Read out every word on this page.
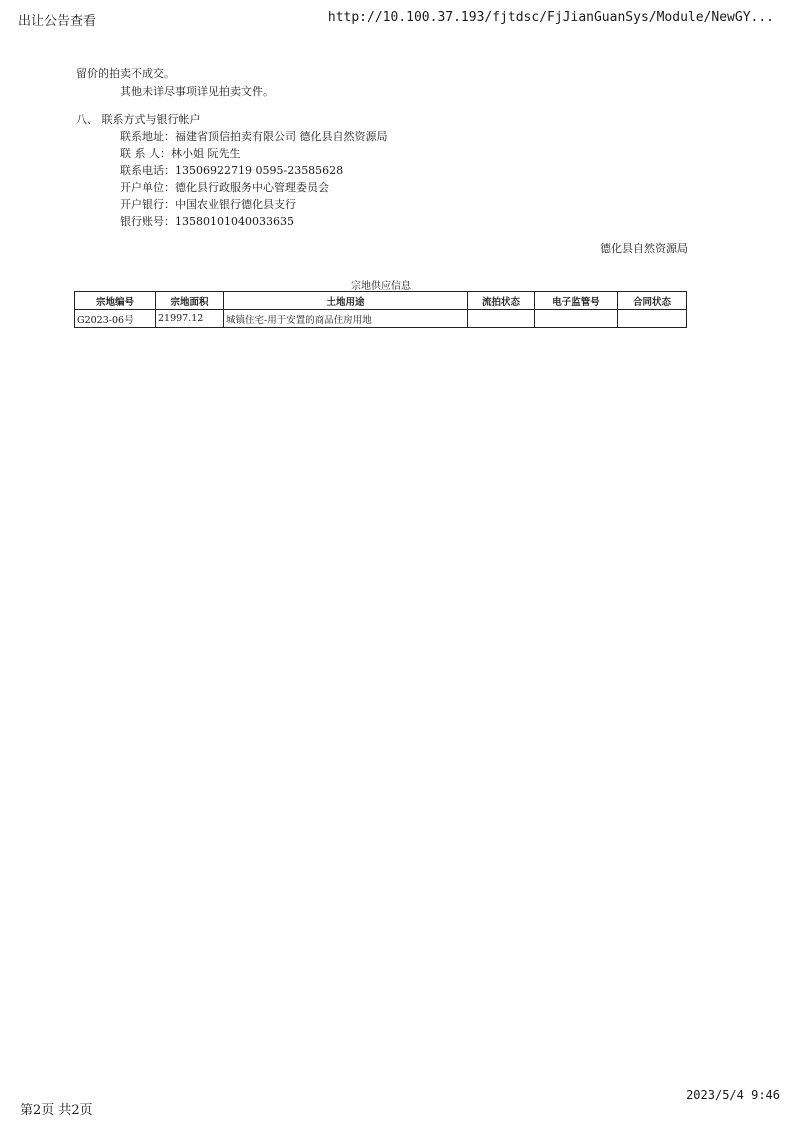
出让公告查看	http://10.100.37.193/fjtdsc/FjJianGuanSys/Module/NewGY...
留价的拍卖不成交。
其他未详尽事项详见拍卖文件。
八、 联系方式与银行帐户
联系地址：福建省顶信拍卖有限公司 德化县自然资源局
联 系 人：林小姐 阮先生
联系电话：13506922719 0595-23585628
开户单位：德化县行政服务中心管理委员会
开户银行：中国农业银行德化县支行
银行账号：13580101040033635
德化县自然资源局
宗地供应信息
宗地编号	宗地面积	土地用途	流拍状态	电子监管号	合同状态
G2023-06号	21997.12	城镇住宅-用于安置的商品住房用地			
第2页 共2页
2023/5/4 9:46
